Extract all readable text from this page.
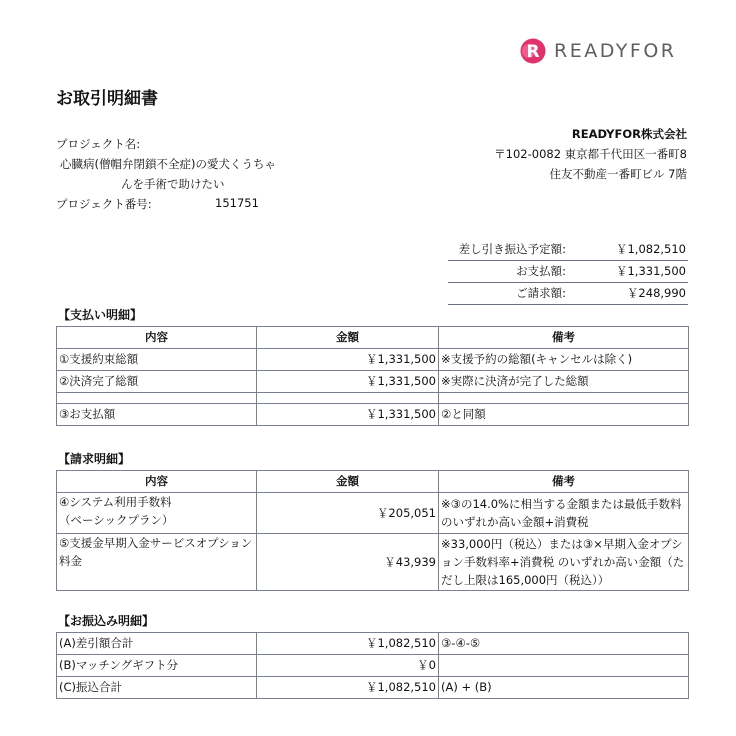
R READYFOR
お取引明細書
プロジェクト名:
心臓病(僧帽弁閉鎖不全症)の愛犬くうちゃ
んを手術で助けたい
プロジェクト番号:	151751
READYFOR株式会社
〒102-0082 東京都千代田区一番町8
住友不動産一番町ビル 7階
差し引き振込予定額:	￥1,082,510
お支払額:	￥1,331,500
ご請求額:	￥248,990
【支払い明細】
内容	金額	備考
①支援約束総額	￥1,331,500	※支援予約の総額(キャンセルは除く)
②決済完了総額	￥1,331,500	※実際に決済が完了した総額

③お支払額	￥1,331,500	②と同額
【請求明細】
内容	金額	備考
④システム利用手数料
（ベーシックプラン）	￥205,051	※③の14.0%に相当する金額または最低手数料のいずれか高い金額+消費税
⑤支援金早期入金サービスオプション料金	￥43,939	※33,000円（税込）または③×早期入金オプション手数料率+消費税 のいずれか高い金額（ただし上限は165,000円（税込））
【お振込み明細】
(A)差引額合計	￥1,082,510	③-④-⑤
(B)マッチングギフト分	￥0	
(C)振込合計	￥1,082,510	(A) + (B)
